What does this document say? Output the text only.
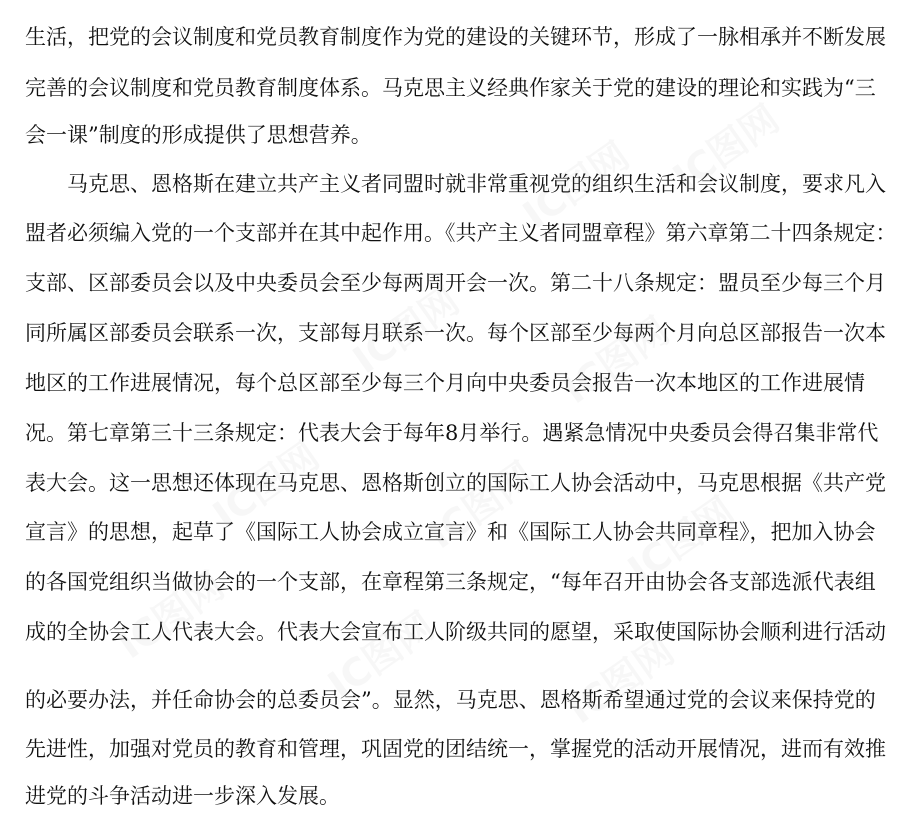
生活，把党的会议制度和党员教育制度作为党的建设的关键环节，形成了一脉相承并不断发展
完善的会议制度和党员教育制度体系。马克思主义经典作家关于党的建设的理论和实践为“三
会一课”制度的形成提供了思想营养。
马克思、恩格斯在建立共产主义者同盟时就非常重视党的组织生活和会议制度，要求凡入
盟者必须编入党的一个支部并在其中起作用。《共产主义者同盟章程》第六章第二十四条规定：
支部、区部委员会以及中央委员会至少每两周开会一次。第二十八条规定：盟员至少每三个月
同所属区部委员会联系一次，支部每月联系一次。每个区部至少每两个月向总区部报告一次本
地区的工作进展情况，每个总区部至少每三个月向中央委员会报告一次本地区的工作进展情
况。第七章第三十三条规定：代表大会于每年8月举行。遇紧急情况中央委员会得召集非常代
表大会。这一思想还体现在马克思、恩格斯创立的国际工人协会活动中，马克思根据《共产党
宣言》的思想，起草了《国际工人协会成立宣言》和《国际工人协会共同章程》，把加入协会
的各国党组织当做协会的一个支部，在章程第三条规定，“每年召开由协会各支部选派代表组
成的全协会工人代表大会。代表大会宣布工人阶级共同的愿望，采取使国际协会顺利进行活动
的必要办法，并任命协会的总委员会”。显然，马克思、恩格斯希望通过党的会议来保持党的
先进性，加强对党员的教育和管理，巩固党的团结统一，掌握党的活动开展情况，进而有效推
进党的斗争活动进一步深入发展。
IC图网 IC图网
IC图网 IC图网
IC图网 IC图网 IC图网
IC图网 IC图网	IC图网
